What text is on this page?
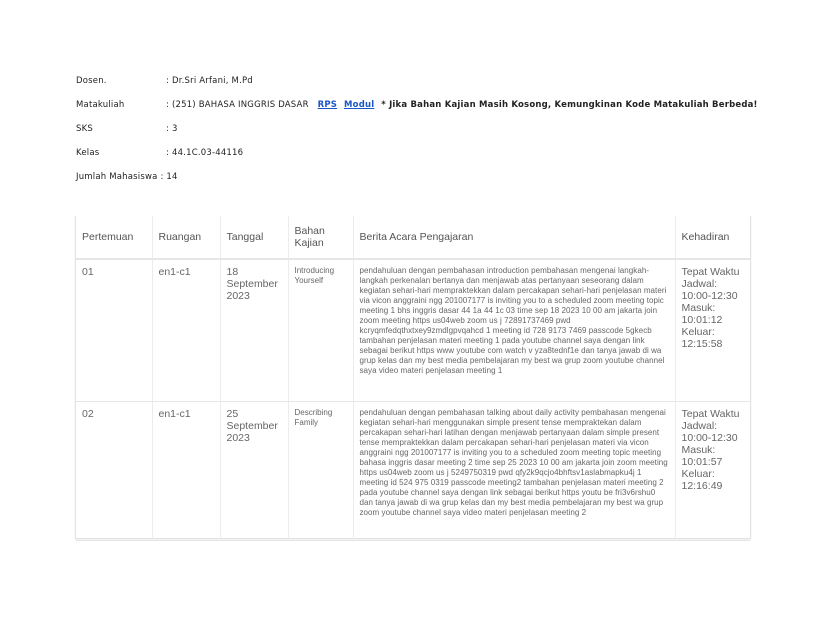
Dosen.	: Dr.Sri Arfani, M.Pd
Matakuliah	: (251) BAHASA INGGRIS DASAR RPS Modul * Jika Bahan Kajian Masih Kosong, Kemungkinan Kode Matakuliah Berbeda!
SKS	: 3
Kelas	: 44.1C.03-44116
Jumlah Mahasiswa : 14
Pertemuan	Ruangan	Tanggal	Bahan Kajian	Berita Acara Pengajaran	Kehadiran
01	en1-c1	18 September 2023	Introducing Yourself	pendahuluan dengan pembahasan introduction pembahasan mengenai langkah-langkah perkenalan bertanya dan menjawab atas pertanyaan seseorang dalam kegiatan sehari-hari mempraktekkan dalam percakapan sehari-hari penjelasan materi via vicon anggraini ngg 201007177 is inviting you to a scheduled zoom meeting topic meeting 1 bhs inggris dasar 44 1a 44 1c 03 time sep 18 2023 10 00 am jakarta join zoom meeting https us04web zoom us j 72891737469 pwd kcryqmfedqthxtxey9zmdlgpvqahcd 1 meeting id 728 9173 7469 passcode 5gkecb tambahan penjelasan materi meeting 1 pada youtube channel saya dengan link sebagai berikut https www youtube com watch v yza8tednf1e dan tanya jawab di wa grup kelas dan my best media pembelajaran my best wa grup zoom youtube channel saya video materi penjelasan meeting 1	Tepat Waktu Jadwal: 10:00-12:30 Masuk: 10:01:12 Keluar: 12:15:58
02	en1-c1	25 September 2023	Describing Family	pendahuluan dengan pembahasan talking about daily activity pembahasan mengenai kegiatan sehari-hari menggunakan simple present tense mempraktekan dalam percakapan sehari-hari latihan dengan menjawab pertanyaan dalam simple present tense mempraktekkan dalam percakapan sehari-hari penjelasan materi via vicon anggraini ngg 201007177 is inviting you to a scheduled zoom meeting topic meeting bahasa inggris dasar meeting 2 time sep 25 2023 10 00 am jakarta join zoom meeting https us04web zoom us j 5249750319 pwd qfy2k9qcjo4bhftsv1aslabmapku4j 1 meeting id 524 975 0319 passcode meeting2 tambahan penjelasan materi meeting 2 pada youtube channel saya dengan link sebagai berikut https youtu be fri3v6rshu0 dan tanya jawab di wa grup kelas dan my best media pembelajaran my best wa grup zoom youtube channel saya video materi penjelasan meeting 2	Tepat Waktu Jadwal: 10:00-12:30 Masuk: 10:01:57 Keluar: 12:16:49
